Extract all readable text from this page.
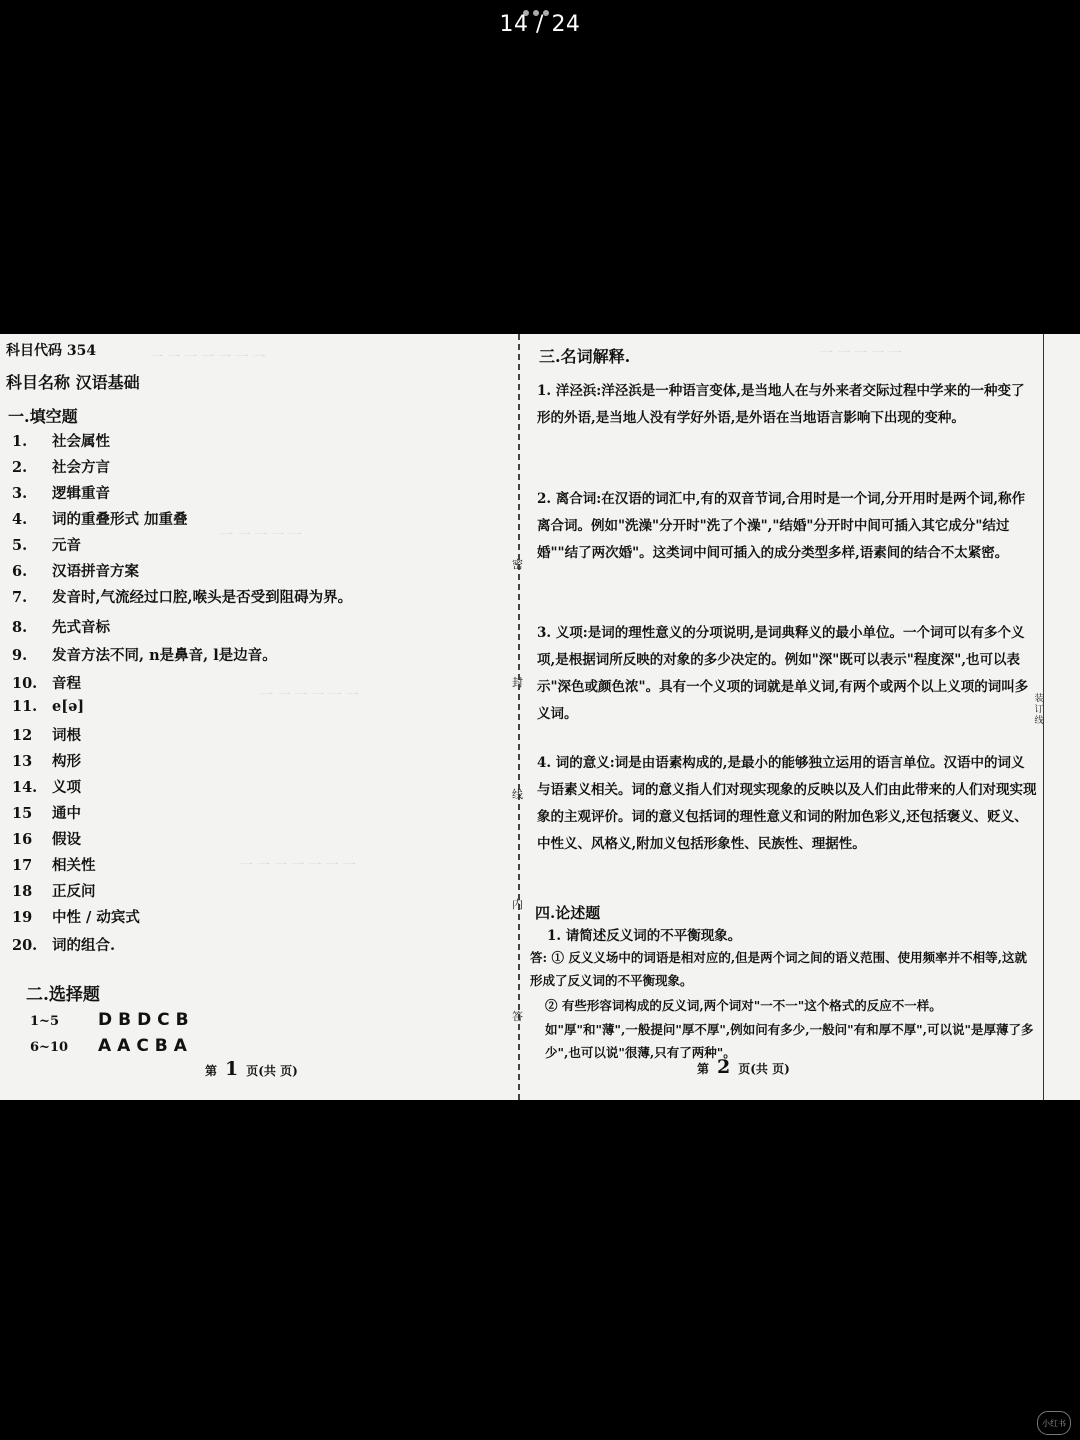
14 / 24
一 一 一 一 一 一 一
一 一 一 一 一
一 一 一 一 一 一
一 一 一 一 一 一 一
一 一 一 一 一
科目代码 354
科目名称 汉语基础
一.填空题
1. 社会属性
2. 社会方言
3. 逻辑重音
4. 词的重叠形式 加重叠
5. 元音
6. 汉语拼音方案
7. 发音时,气流经过口腔,喉头是否受到阻碍为界。
8. 先式音标
9. 发音方法不同, n是鼻音, l是边音。
10. 音程
11. e[ə]
12 词根
13 构形
14. 义项
15 通中
16 假设
17 相关性
18 正反问
19 中性 / 动宾式
20. 词的组合.
二.选择题
1~5 DBDCB
6~10 AACBA
第 1 页(共 页)
密
封
线
内
答
三.名词解释.
1. 洋泾浜:洋泾浜是一种语言变体,是当地人在与外来者交际过程中学来的一种变了形的外语,是当地人没有学好外语,是外语在当地语言影响下出现的变种。
2. 离合词:在汉语的词汇中,有的双音节词,合用时是一个词,分开用时是两个词,称作离合词。例如"洗澡"分开时"洗了个澡","结婚"分开时中间可插入其它成分"结过婚""结了两次婚"。这类词中间可插入的成分类型多样,语素间的结合不太紧密。
3. 义项:是词的理性意义的分项说明,是词典释义的最小单位。一个词可以有多个义项,是根据词所反映的对象的多少决定的。例如"深"既可以表示"程度深",也可以表示"深色或颜色浓"。具有一个义项的词就是单义词,有两个或两个以上义项的词叫多义词。
4. 词的意义:词是由语素构成的,是最小的能够独立运用的语言单位。汉语中的词义与语素义相关。词的意义指人们对现实现象的反映以及人们由此带来的人们对现实现象的主观评价。词的意义包括词的理性意义和词的附加色彩义,还包括褒义、贬义、中性义、风格义,附加义包括形象性、民族性、理据性。
四.论述题
1. 请简述反义词的不平衡现象。
答: ① 反义义场中的词语是相对应的,但是两个词之间的语义范围、使用频率并不相等,这就形成了反义词的不平衡现象。
② 有些形容词构成的反义词,两个词对"一不一"这个格式的反应不一样。
如"厚"和"薄",一般提问"厚不厚",例如问有多少,一般问"有和厚不厚",可以说"是厚薄了多少",也可以说"很薄,只有了两种"。
第 2 页(共 页)
装订线
小红书
